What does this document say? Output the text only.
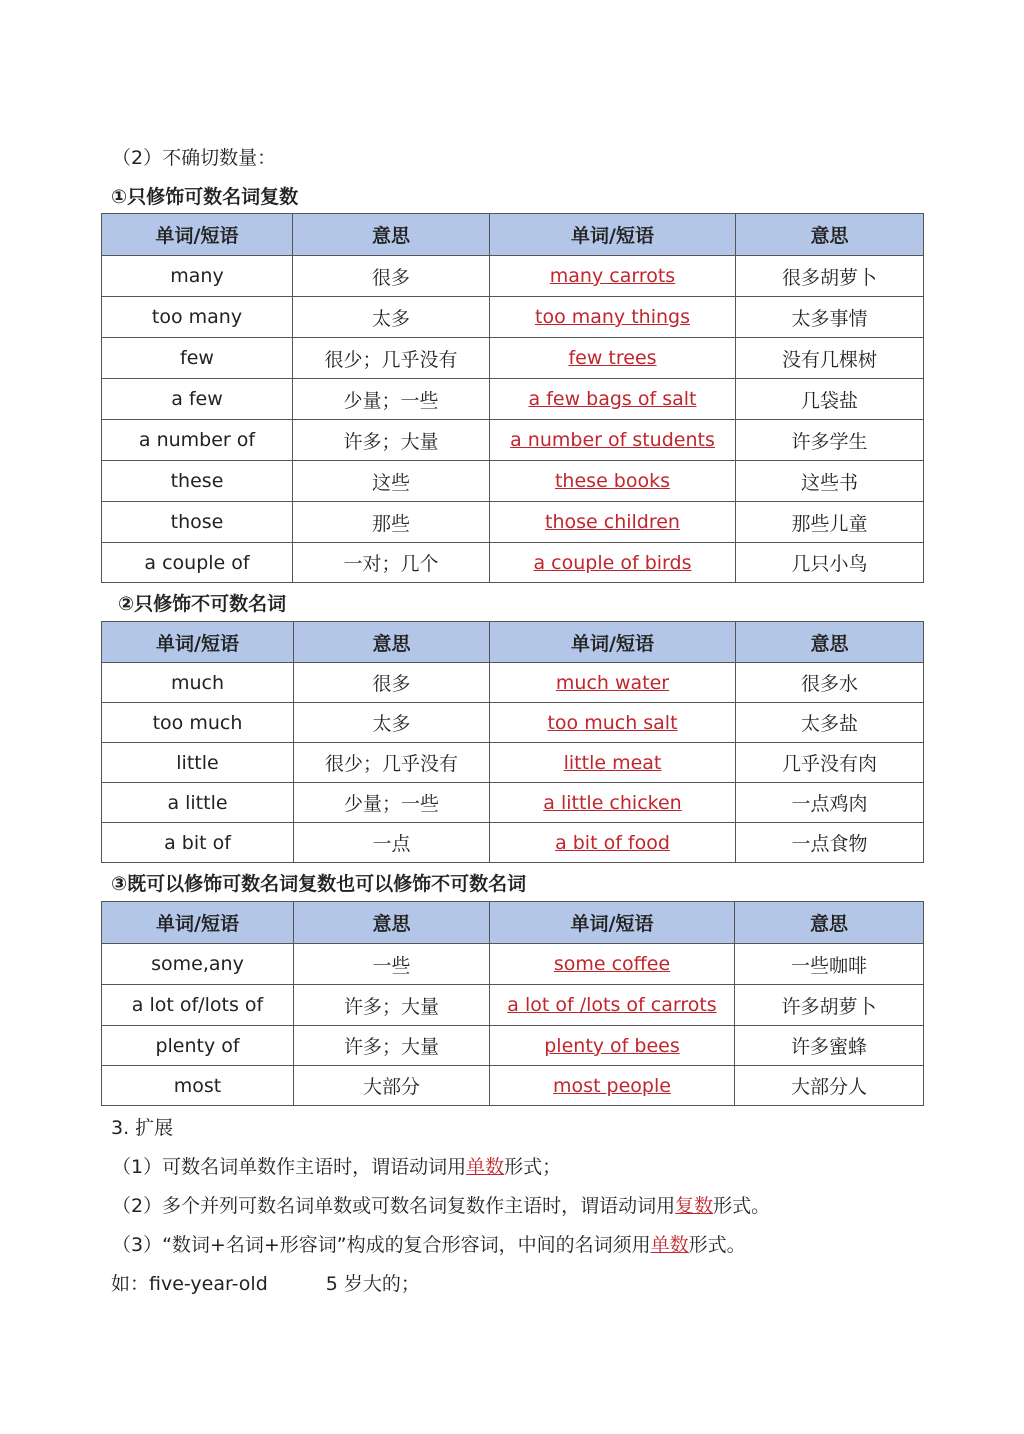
（2）不确切数量：
①只修饰可数名词复数
单词/短语	意思	单词/短语	意思
many	很多	many carrots	很多胡萝卜
too many	太多	too many things	太多事情
few	很少；几乎没有	few trees	没有几棵树
a few	少量；一些	a few bags of salt	几袋盐
a number of	许多；大量	a number of students	许多学生
these	这些	these books	这些书
those	那些	those children	那些儿童
a couple of	一对；几个	a couple of birds	几只小鸟
②只修饰不可数名词
单词/短语	意思	单词/短语	意思
much	很多	much water	很多水
too much	太多	too much salt	太多盐
little	很少；几乎没有	little meat	几乎没有肉
a little	少量；一些	a little chicken	一点鸡肉
a bit of	一点	a bit of food	一点食物
③既可以修饰可数名词复数也可以修饰不可数名词
单词/短语	意思	单词/短语	意思
some,any	一些	some coffee	一些咖啡
a lot of/lots of	许多；大量	a lot of /lots of carrots	许多胡萝卜
plenty of	许多；大量	plenty of bees	许多蜜蜂
most	大部分	most people	大部分人
3. 扩展
（1）可数名词单数作主语时，谓语动词用单数形式；
（2）多个并列可数名词单数或可数名词复数作主语时，谓语动词用复数形式。
（3）“数词+名词+形容词”构成的复合形容词，中间的名词须用单数形式。
如：five-year-old	5 岁大的；
